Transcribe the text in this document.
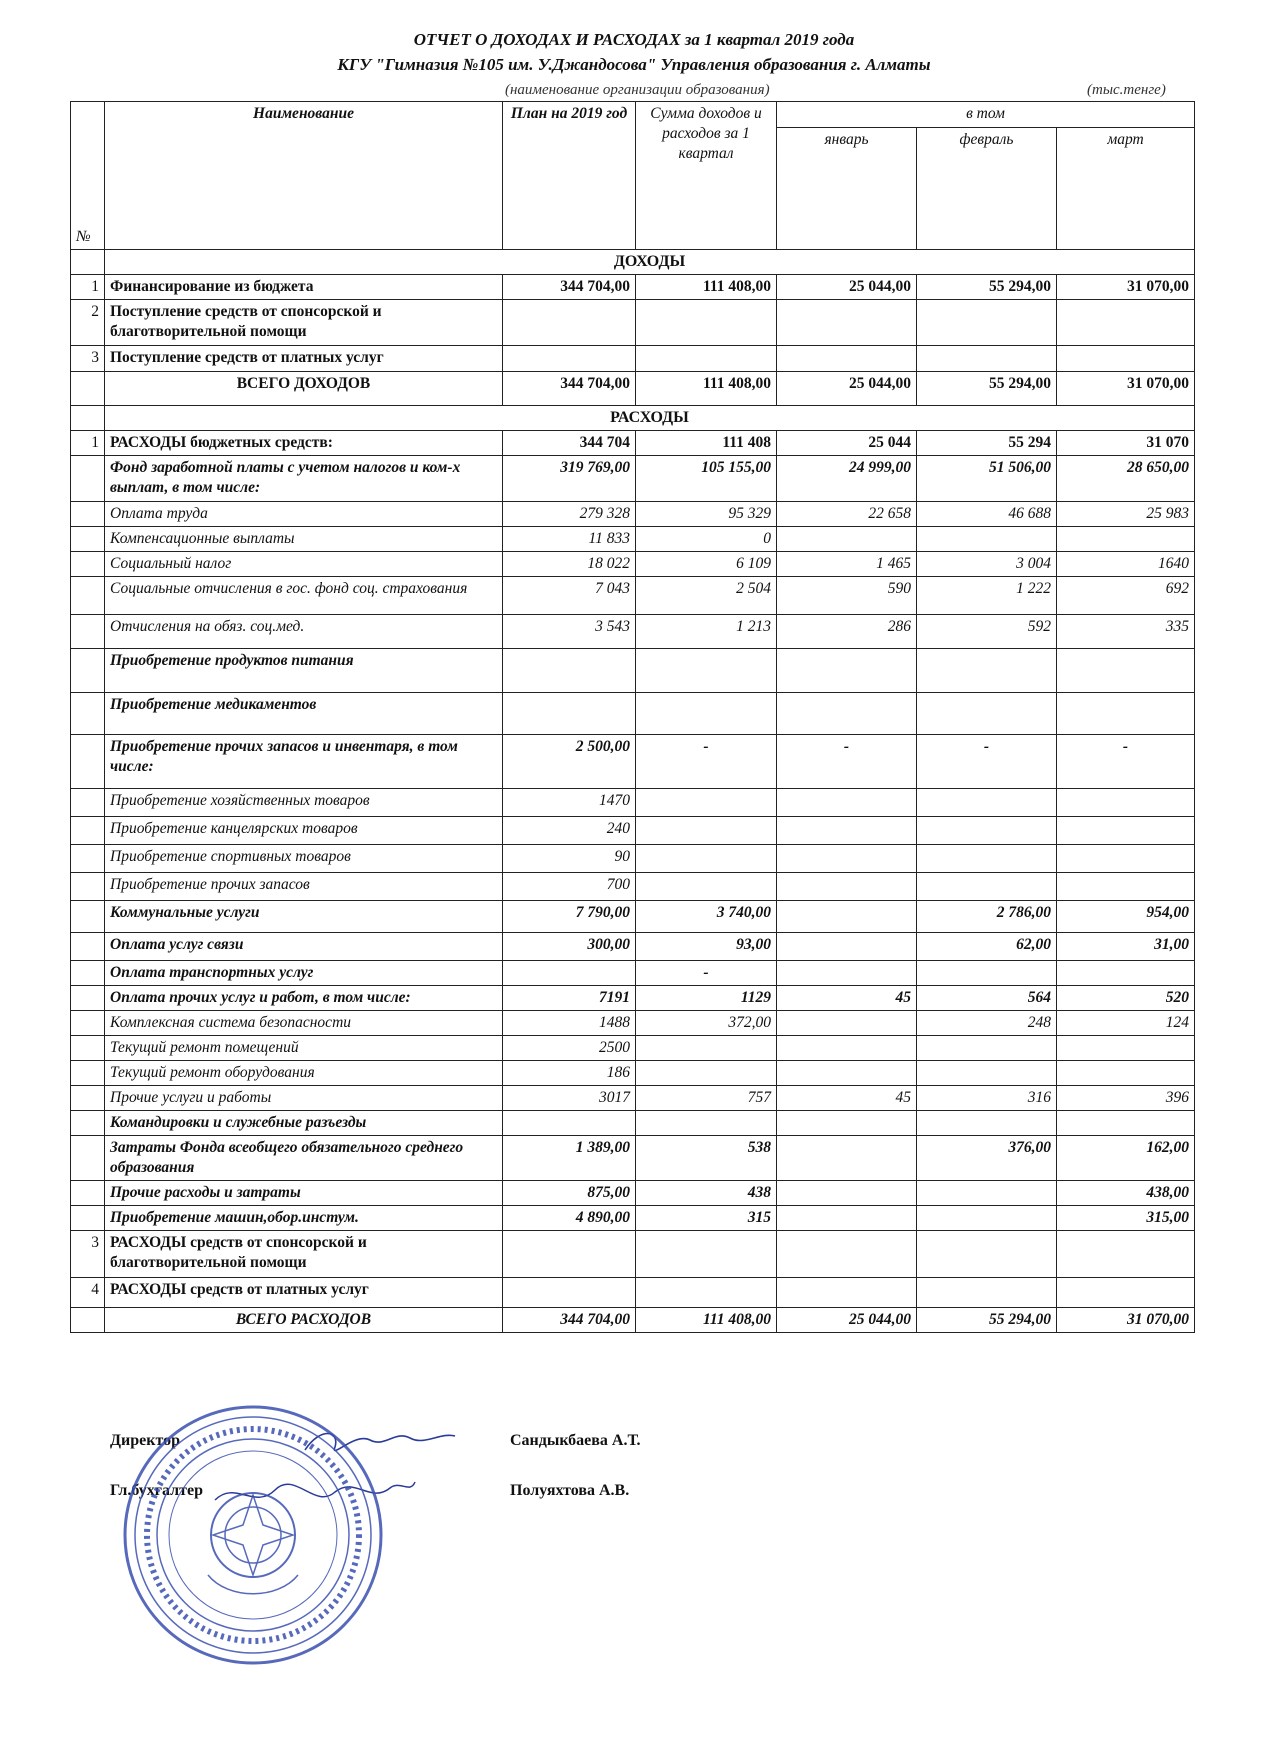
ОТЧЕТ О ДОХОДАХ И РАСХОДАХ за 1 квартал 2019 года
КГУ "Гимназия №105 им. У.Джандосова" Управления образования г. Алматы
(наименование организации образования)	(тыс.тенге)
№	Наименование	План на 2019 год	Сумма доходов и расходов за 1 квартал	в том		
				январь	февраль	март
	ДОХОДЫ					
1	Финансирование из бюджета	344 704,00	111 408,00	25 044,00	55 294,00	31 070,00
2	Поступление средств от спонсорской и благотворительной помощи					
3	Поступление средств от платных услуг					
	ВСЕГО ДОХОДОВ	344 704,00	111 408,00	25 044,00	55 294,00	31 070,00
	РАСХОДЫ					
1	РАСХОДЫ бюджетных средств:	344 704	111 408	25 044	55 294	31 070
	Фонд заработной платы с учетом налогов и ком-х выплат, в том числе:	319 769,00	105 155,00	24 999,00	51 506,00	28 650,00
	Оплата труда	279 328	95 329	22 658	46 688	25 983
	Компенсационные выплаты	11 833	0			
	Социальный налог	18 022	6 109	1 465	3 004	1640
	Социальные отчисления в гос. фонд соц. страхования	7 043	2 504	590	1 222	692
	Отчисления на обяз. соц.мед.	3 543	1 213	286	592	335
	Приобретение продуктов питания					
	Приобретение медикаментов					
	Приобретение прочих запасов и инвентаря, в том числе:	2 500,00	-	-	-	-
	Приобретение хозяйственных товаров	1470				
	Приобретение канцелярских товаров	240				
	Приобретение спортивных товаров	90				
	Приобретение прочих запасов	700				
	Коммунальные услуги	7 790,00	3 740,00		2 786,00	954,00
	Оплата услуг связи	300,00	93,00		62,00	31,00
	Оплата транспортных услуг		-			
	Оплата прочих услуг и работ, в том числе:	7191	1129	45	564	520
	Комплексная система безопасности	1488	372,00		248	124
	Текущий ремонт помещений	2500				
	Текущий ремонт оборудования	186				
	Прочие услуги и работы	3017	757	45	316	396
	Командировки и служебные разъезды					
	Затраты Фонда всеобщего обязательного среднего образования	1 389,00	538		376,00	162,00
	Прочие расходы и затраты	875,00	438			438,00
	Приобретение машин,обор.инстум.	4 890,00	315			315,00
3	РАСХОДЫ средств от спонсорской и благотворительной помощи					
4	РАСХОДЫ средств от платных услуг					
	ВСЕГО РАСХОДОВ	344 704,00	111 408,00	25 044,00	55 294,00	31 070,00
Директор	Сандыкбаева А.Т.
Гл.бухгалтер	Полуяхтова А.В.
